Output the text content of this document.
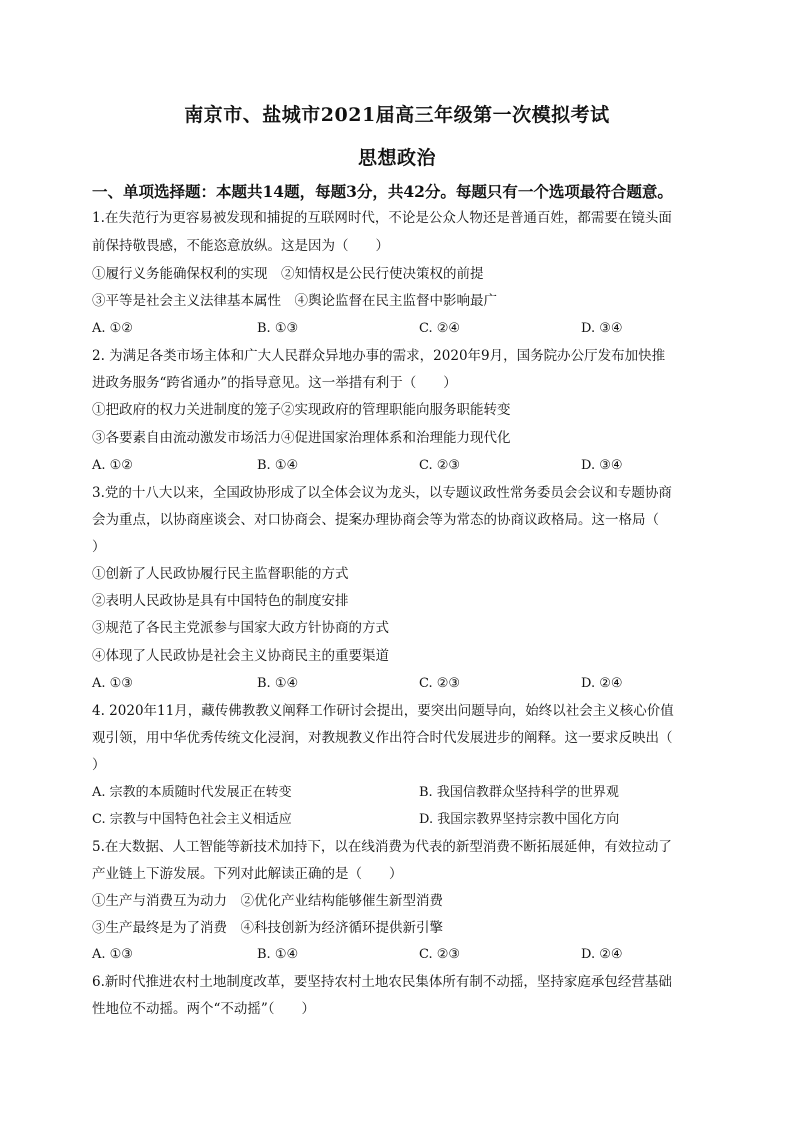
南京市、盐城市2021届高三年级第一次模拟考试
思想政治
一、单项选择题：本题共14题，每题3分，共42分。每题只有一个选项最符合题意。
1.在失范行为更容易被发现和捕捉的互联网时代，不论是公众人物还是普通百姓，都需要在镜头面
前保持敬畏感，不能恣意放纵。这是因为（　　）
①履行义务能确保权利的实现　②知情权是公民行使决策权的前提
③平等是社会主义法律基本属性　④舆论监督在民主监督中影响最广
A. ①②	B. ①③	C. ②④	D. ③④
2. 为满足各类市场主体和广大人民群众异地办事的需求，2020年9月，国务院办公厅发布加快推
进政务服务“跨省通办”的指导意见。这一举措有利于（　　）
①把政府的权力关进制度的笼子②实现政府的管理职能向服务职能转变
③各要素自由流动激发市场活力④促进国家治理体系和治理能力现代化
A. ①②	B. ①④	C. ②③	D. ③④
3.党的十八大以来，全国政协形成了以全体会议为龙头，以专题议政性常务委员会会议和专题协商
会为重点，以协商座谈会、对口协商会、提案办理协商会等为常态的协商议政格局。这一格局（
）
①创新了人民政协履行民主监督职能的方式
②表明人民政协是具有中国特色的制度安排
③规范了各民主党派参与国家大政方针协商的方式
④体现了人民政协是社会主义协商民主的重要渠道
A. ①③	B. ①④	C. ②③	D. ②④
4. 2020年11月，藏传佛教教义阐释工作研讨会提出，要突出问题导向，始终以社会主义核心价值
观引领，用中华优秀传统文化浸润，对教规教义作出符合时代发展进步的阐释。这一要求反映出（
）
A. 宗教的本质随时代发展正在转变	B. 我国信教群众坚持科学的世界观
C. 宗教与中国特色社会主义相适应	D. 我国宗教界坚持宗教中国化方向
5.在大数据、人工智能等新技术加持下，以在线消费为代表的新型消费不断拓展延伸，有效拉动了
产业链上下游发展。下列对此解读正确的是（　　）
①生产与消费互为动力　②优化产业结构能够催生新型消费
③生产最终是为了消费　④科技创新为经济循环提供新引擎
A. ①③	B. ①④	C. ②③	D. ②④
6.新时代推进农村土地制度改革，要坚持农村土地农民集体所有制不动摇，坚持家庭承包经营基础
性地位不动摇。两个“不动摇”（　　）
